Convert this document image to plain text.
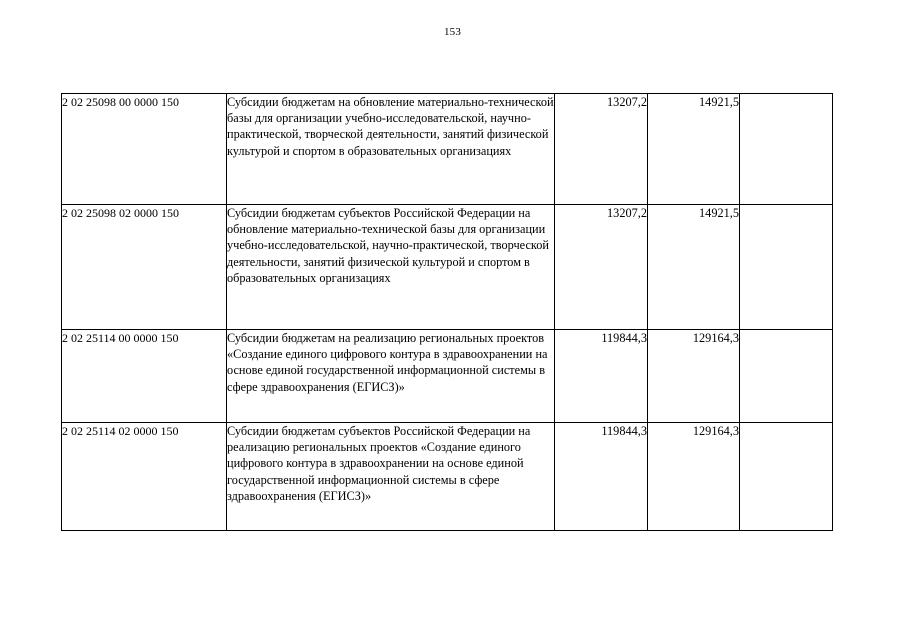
153
2 02 25098 00 0000 150	Субсидии бюджетам на обновление материально-технической базы для организации учебно-исследовательской, научно-практической, творческой деятельности, занятий физической культурой и спортом в образовательных организациях	13207,2	14921,5	
2 02 25098 02 0000 150	Субсидии бюджетам субъектов Российской Федерации на обновление материально-технической базы для организации учебно-исследовательской, научно-практической, творческой деятельности, занятий физической культурой и спортом в образовательных организациях	13207,2	14921,5	
2 02 25114 00 0000 150	Субсидии бюджетам на реализацию региональных проектов «Создание единого цифрового контура в здравоохранении на основе единой государственной информационной системы в сфере здравоохранения (ЕГИСЗ)»	119844,3	129164,3	
2 02 25114 02 0000 150	Субсидии бюджетам субъектов Российской Федерации на реализацию региональных проектов «Создание единого цифрового контура в здравоохранении на основе единой государственной информационной системы в сфере здравоохранения (ЕГИСЗ)»	119844,3	129164,3	
